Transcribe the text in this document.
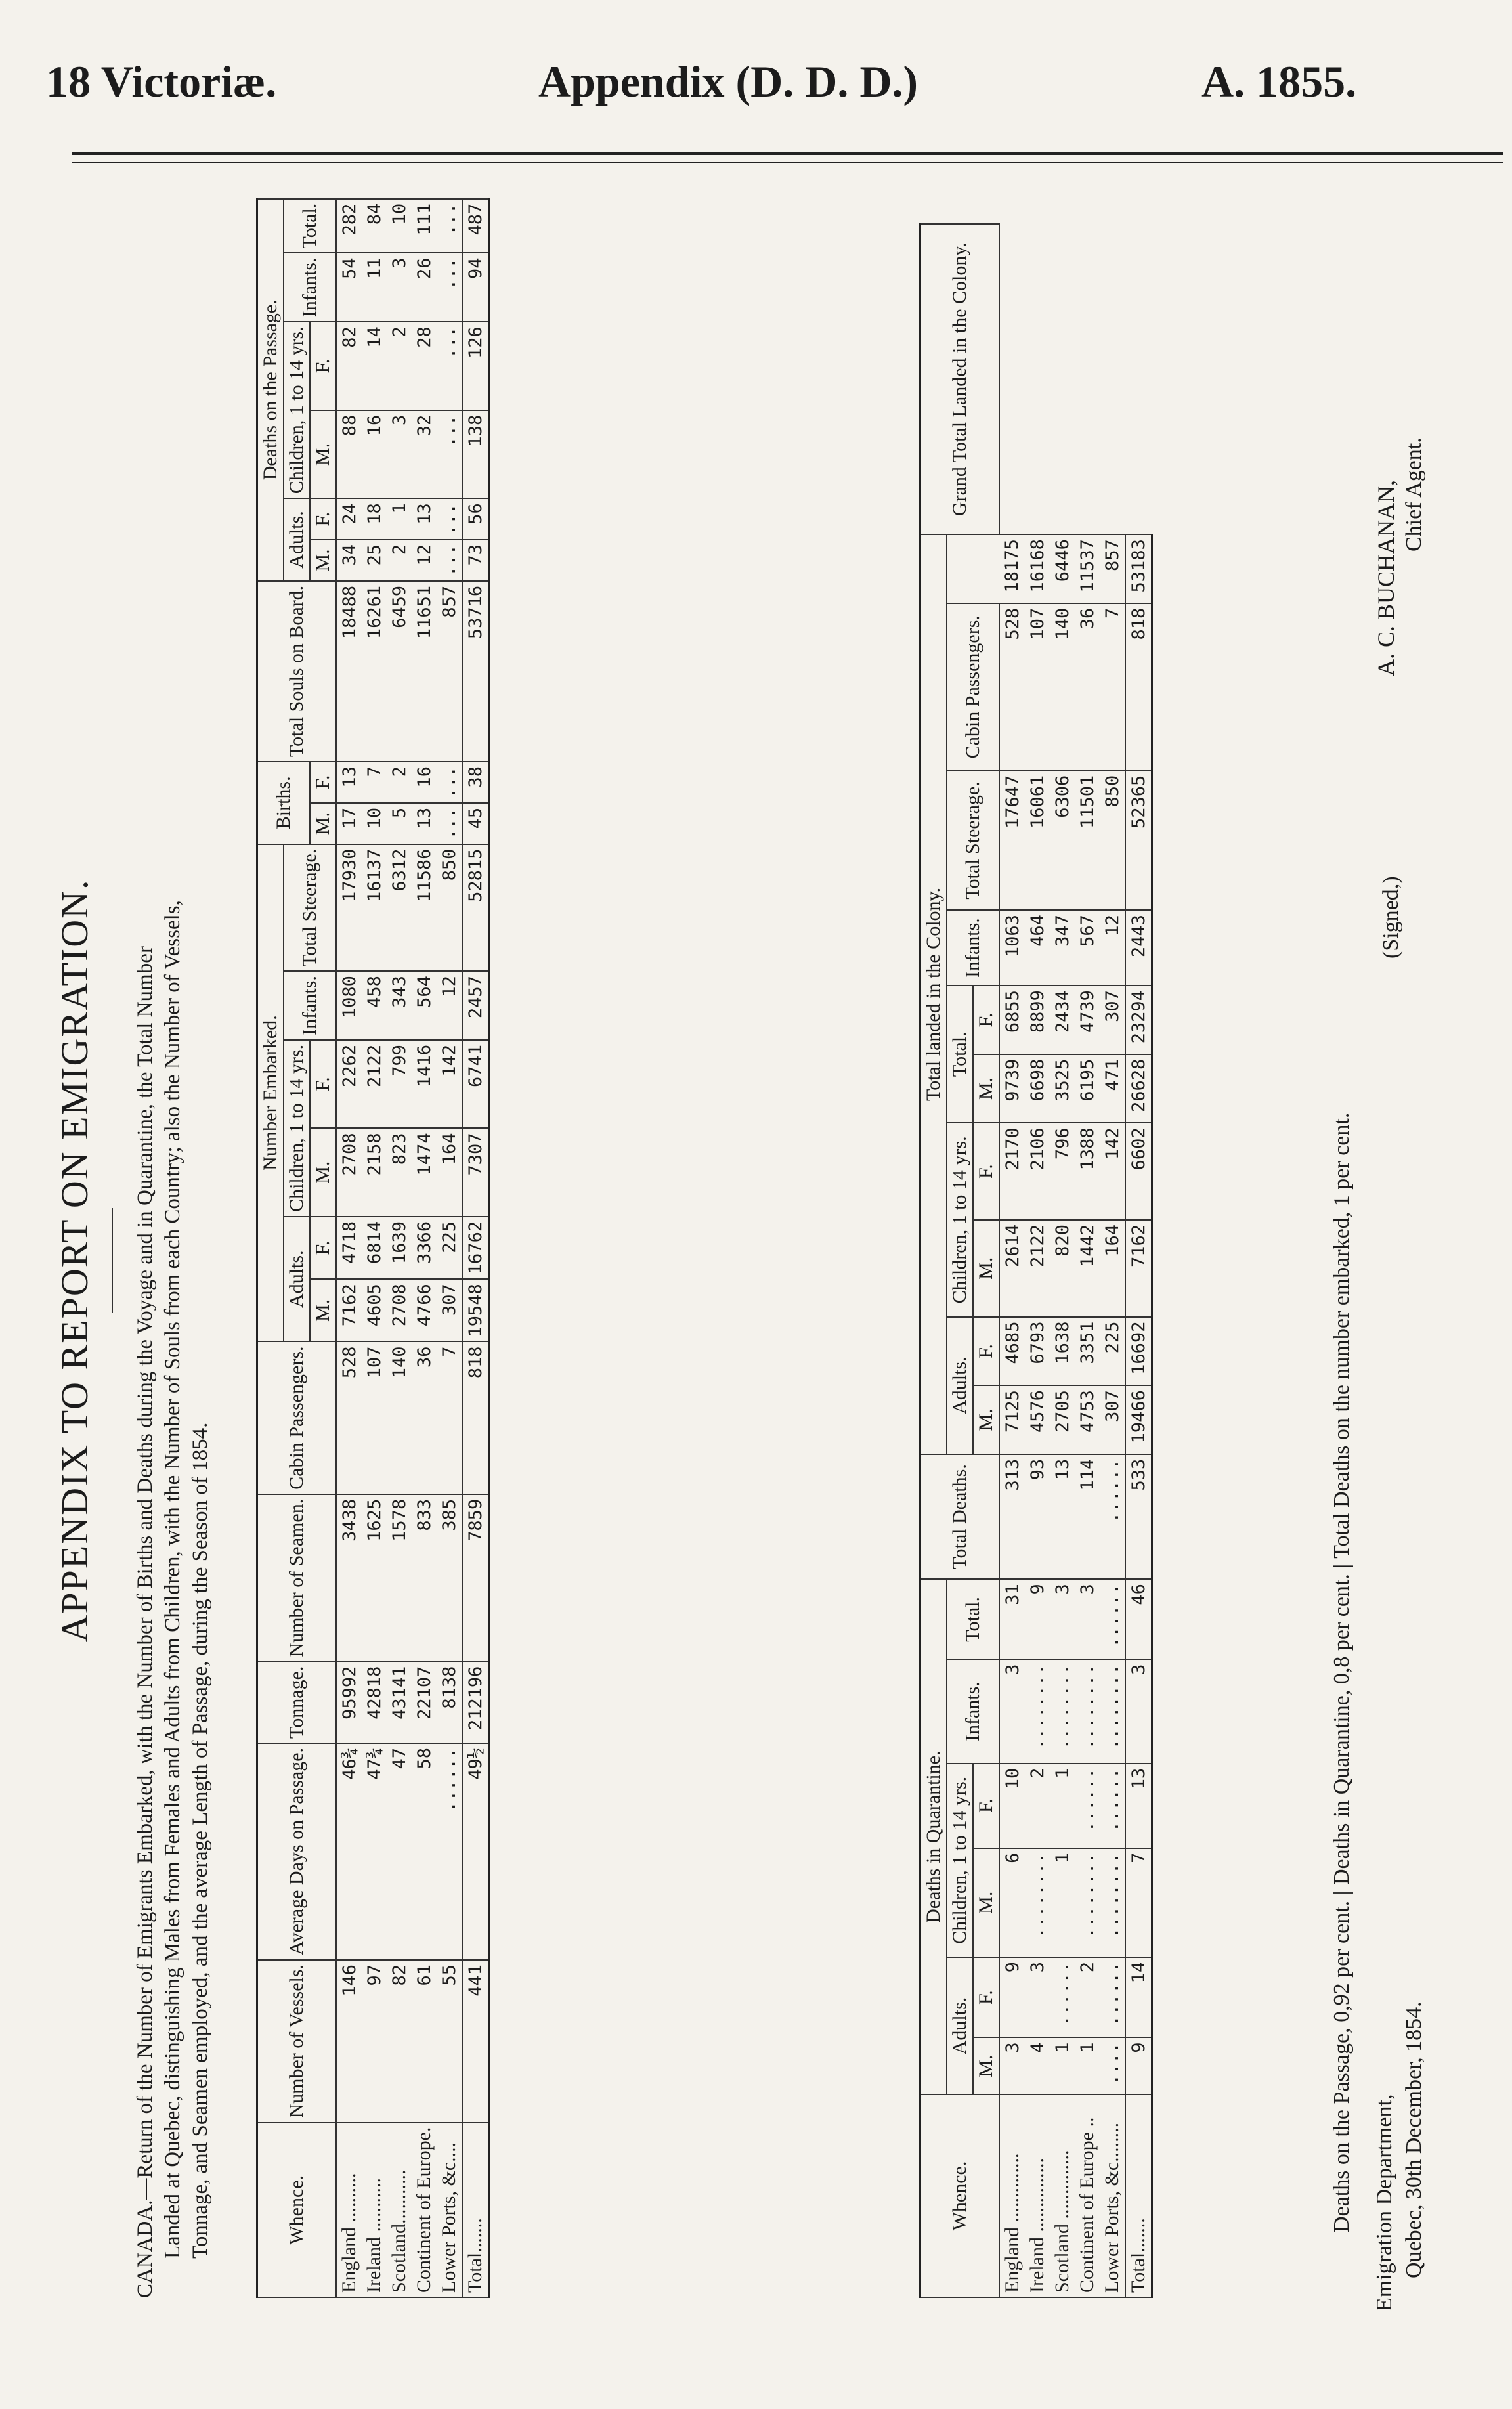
18 Victoriæ.	Appendix (D. D. D.)	A. 1855.
APPENDIX TO REPORT ON EMIGRATION. CANADA.—Return of the Number of Emigrants Embarked, with the Number of Births and Deaths during the Voyage and in Quarantine, the Total Number Landed at Quebec, distinguishing Males from Females and Adults from Children, with the Number of Souls from each Country; also the Number of Vessels, Tonnage, and Seamen employed, and the average Length of Passage, during the Season of 1854.	Whence.	Number of Vessels.	Average Days on Passage.	Tonnage.	Number of Seamen.	Cabin Passengers.	Number Embarked.						Births.		Total Souls on Board.	Deaths on the Passage.					
						Adults.		Children, 1 to 14 yrs.		Infants.	Total Steerage.				Adults.		Children, 1 to 14 yrs.		Infants.	Total.
						M.	F.	M.	F.			M.	F.		M.	F.	M.	F.		
England ..........	146	46¾	95992	3438	528	7162	4718	2708	2262	1080	17930	17	13	18488	34	24	88	82	54	282
Ireland ...........	97	47¾	42818	1625	107	4605	6814	2158	2122	458	16137	10	7	16261	25	18	16	14	11	84
Scotland...........	82	47	43141	1578	140	2708	1639	823	799	343	6312	5	2	6459	2	1	3	2	3	10
Continent of Europe.	61	58	22107	833	36	4766	3366	1474	1416	564	11586	13	16	11651	12	13	32	28	26	111
Lower Ports, &c....	55	......	8138	385	7	307	225	164	142	12	850	...	...	857	...	...	...	...	...	...
Total.......	441	49½	212196	7859	818	19548	16762	7307	6741	2457	52815	45	38	53716	73	56	138	126	94	487
Whence.	Deaths in Quarantine.						Total Deaths.	Total landed in the Colony.										Grand Total Landed in the Colony.
	Adults.		Children, 1 to 14 yrs.		Infants.	Total.		Adults.		Children, 1 to 14 yrs.		Total.		Infants.	Total Steerage.	Cabin Passengers.		
	M.	F.	M.	F.				M.	F.	M.	F.	M.	F.					
England ..............	3	9	6	10	3	31	313	7125	4685	2614	2170	9739	6855	1063	17647	528	18175	
Ireland ...............	4	3	........	2	........	9	93	4576	6793	2122	2106	6698	8899	464	16061	107	16168	
Scotland ..............	1	......	1	1	........	3	13	2705	1638	820	796	3525	2434	347	6306	140	6446	
Continent of Europe ..	1	2	........	......	........	3	114	4753	3351	1442	1388	6195	4739	567	11501	36	11537	
Lower Ports, &c........	....	......	........	......	........	......	......	307	225	164	142	471	307	12	850	7	857	
Total.......	9	14	7	13	3	46	533	19466	16692	7162	6602	26628	23294	2443	52365	818	53183	
Deaths on the Passage, 0,92 per cent. | Deaths in Quarantine, 0,8 per cent. | Total Deaths on the number embarked, 1 per cent. Emigration Department, Quebec, 30th December, 1854.
(Signed,)
A. C. BUCHANAN, Chief Agent.
